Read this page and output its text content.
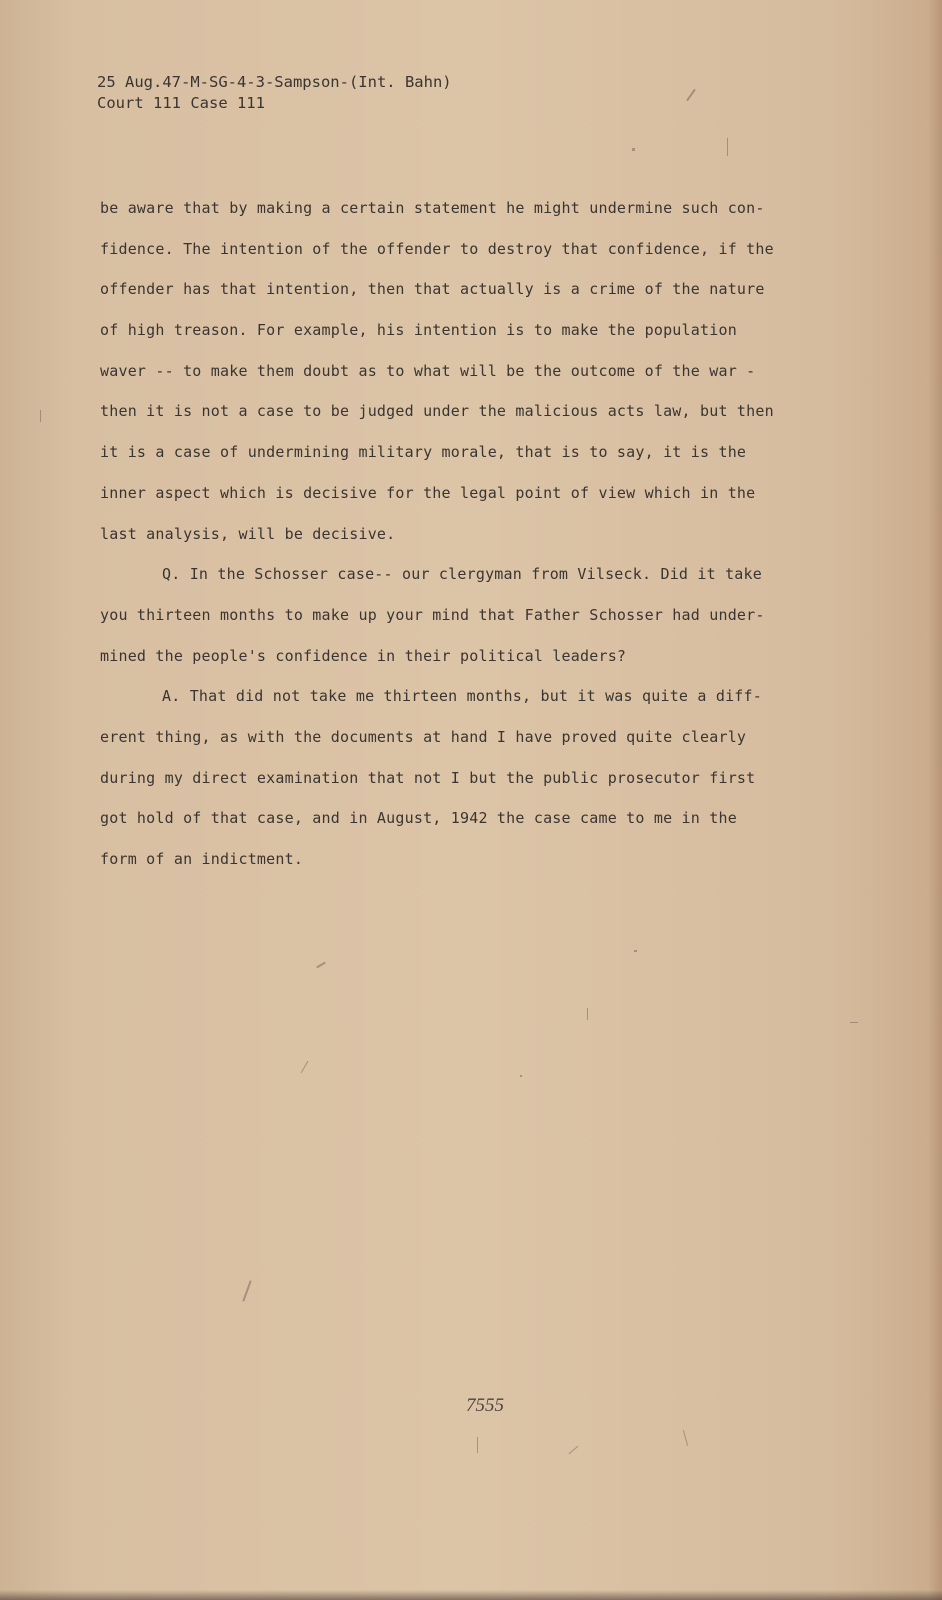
25 Aug.47-M-SG-4-3-Sampson-(Int. Bahn)
Court 111 Case 111
be aware that by making a certain statement he might undermine such con-
fidence. The intention of the offender to destroy that confidence, if the
offender has that intention, then that actually is a crime of the nature
of high treason. For example, his intention is to make the population
waver -- to make them doubt as to what will be the outcome of the war -
then it is not a case to be judged under the malicious acts law, but then
it is a case of undermining military morale, that is to say, it is the
inner aspect which is decisive for the legal point of view which in the
last analysis, will be decisive.
Q. In the Schosser case-- our clergyman from Vilseck. Did it take
you thirteen months to make up your mind that Father Schosser had under-
mined the people's confidence in their political leaders?
A. That did not take me thirteen months, but it was quite a diff-
erent thing, as with the documents at hand I have proved quite clearly
during my direct examination that not I but the public prosecutor first
got hold of that case, and in August, 1942 the case came to me in the
form of an indictment.
7555
